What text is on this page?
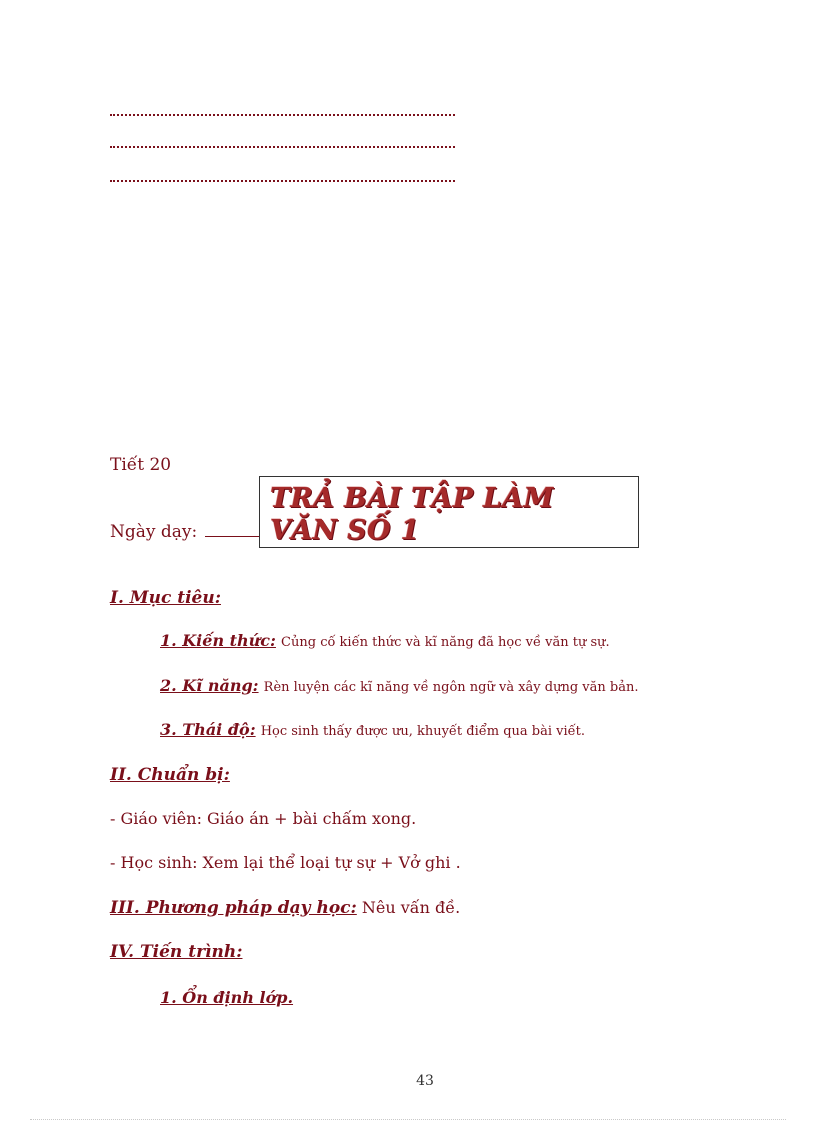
Tiết 20
Ngày dạy:
TRẢ BÀI TẬP LÀM VĂN SỐ 1
I. Mục tiêu:
1. Kiến thức: Củng cố kiến thức và kĩ năng đã học về văn tự sự.
2. Kĩ năng: Rèn luyện các kĩ năng về ngôn ngữ và xây dựng văn bản.
3. Thái độ: Học sinh thấy được ưu, khuyết điểm qua bài viết.
II. Chuẩn bị:
- Giáo viên: Giáo án + bài chấm xong.
- Học sinh: Xem lại thể loại tự sự + Vở ghi .
III. Phương pháp dạy học: Nêu vấn đề.
IV. Tiến trình:
1. Ổn định lớp.
43
